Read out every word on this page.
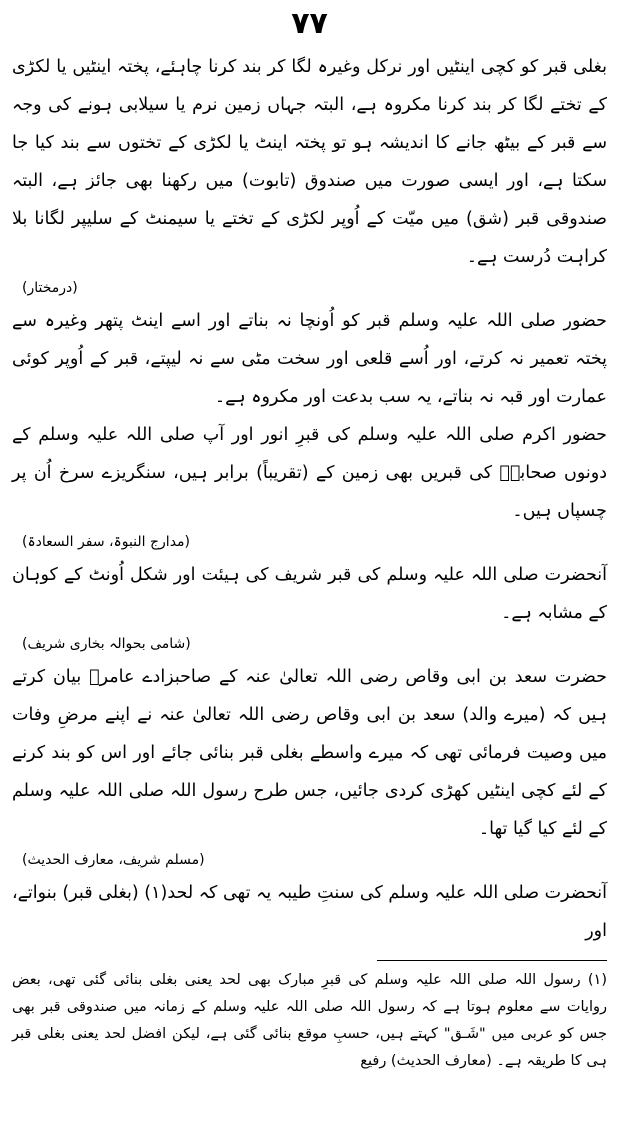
۷۷

بغلی قبر کو کچی اینٹیں اور نرکل وغیرہ لگا کر بند کرنا چاہئے، پختہ اینٹیں یا لکڑی کے تختے لگا کر بند کرنا مکروہ ہے، البتہ جہاں زمین نرم یا سیلابی ہونے کی وجہ سے قبر کے بیٹھ جانے کا اندیشہ ہو تو پختہ اینٹ یا لکڑی کے تختوں سے بند کیا جا سکتا ہے، اور ایسی صورت میں صندوق (تابوت) میں رکھنا بھی جائز ہے، البتہ صندوقی قبر (شق) میں میّت کے اُوپر لکڑی کے تختے یا سیمنٹ کے سلیپر لگانا بلا کراہت دُرست ہے۔

(درمختار)

حضور صلی اللہ علیہ وسلم قبر کو اُونچا نہ بناتے اور اسے اینٹ پتھر وغیرہ سے پختہ تعمیر نہ کرتے، اور اُسے قلعی اور سخت مٹی سے نہ لیپتے، قبر کے اُوپر کوئی عمارت اور قبہ نہ بناتے، یہ سب بدعت اور مکروہ ہے۔

حضور اکرم صلی اللہ علیہ وسلم کی قبرِ انور اور آپ صلی اللہ علیہ وسلم کے دونوں صحابہؓ کی قبریں بھی زمین کے (تقریباً) برابر ہیں، سنگریزے سرخ اُن پر چسپاں ہیں۔

(مدارج النبوۃ، سفر السعادۃ)

آنحضرت صلی اللہ علیہ وسلم کی قبر شریف کی ہیئت اور شکل اُونٹ کے کوہان کے مشابہ ہے۔

(شامی بحوالہ بخاری شریف)

حضرت سعد بن ابی وقاص رضی اللہ تعالیٰ عنہ کے صاحبزادے عامرؒ بیان کرتے ہیں کہ (میرے والد) سعد بن ابی وقاص رضی اللہ تعالیٰ عنہ نے اپنے مرضِ وفات میں وصیت فرمائی تھی کہ میرے واسطے بغلی قبر بنائی جائے اور اس کو بند کرنے کے لئے کچی اینٹیں کھڑی کردی جائیں، جس طرح رسول اللہ صلی اللہ علیہ وسلم کے لئے کیا گیا تھا۔

(مسلم شریف، معارف الحدیث)

آنحضرت صلی اللہ علیہ وسلم کی سنتِ طیبہ یہ تھی کہ لحد(۱) (بغلی قبر) بنواتے، اور

(۱) رسول اللہ صلی اللہ علیہ وسلم کی قبرِ مبارک بھی لحد یعنی بغلی بنائی گئی تھی، بعض روایات سے معلوم ہوتا ہے کہ رسول اللہ صلی اللہ علیہ وسلم کے زمانہ میں صندوقی قبر بھی جس کو عربی میں "شَـق" کہتے ہیں، حسبِ موقع بنائی گئی ہے، لیکن افضل لحد یعنی بغلی قبر ہی کا طریقہ ہے۔ (معارف الحدیث) رفیع
